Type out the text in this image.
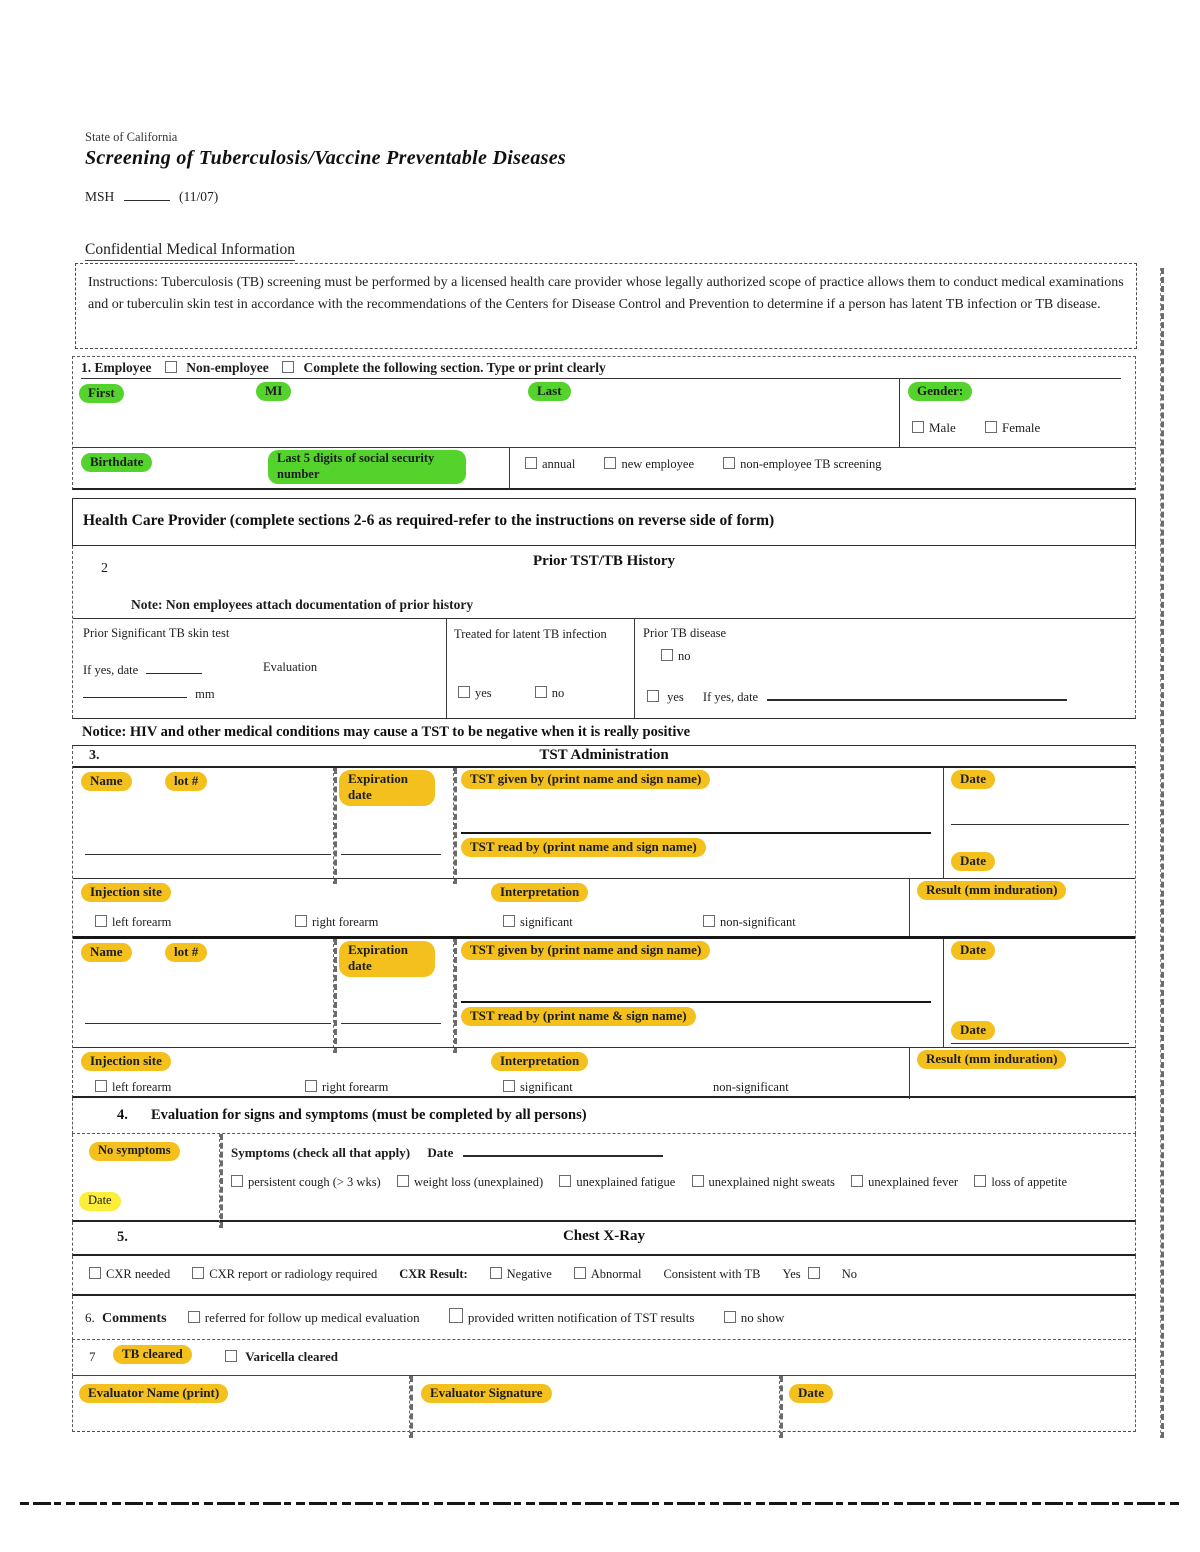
State of California
Screening of Tuberculosis/Vaccine Preventable Diseases
MSH	(11/07)
Confidential Medical Information
Instructions: Tuberculosis (TB) screening must be performed by a licensed health care provider whose legally authorized scope of practice allows them to conduct medical examinations and or tuberculin skin test in accordance with the recommendations of the Centers for Disease Control and Prevention to determine if a person has latent TB infection or TB disease.
1. Employee	Non-employee	Complete the following section. Type or print clearly
First	MI	Last	Gender:
Male	Female
Birthdate	Last 5 digits of social security number
annual	new employee	non-employee TB screening
Health Care Provider (complete sections 2-6 as required-refer to the instructions on reverse side of form)
2	Prior TST/TB History
Note: Non employees attach documentation of prior history
Prior Significant TB skin test
If yes, date	Evaluation
mm
Treated for latent TB infection
yes	no
Prior TB disease
no
yes If yes, date
Notice: HIV and other medical conditions may cause a TST to be negative when it is really positive
3.	TST Administration
Name	lot #	Expiration date
TST given by (print name and sign name)	Date
TST read by (print name and sign name)
Date
Injection site	Interpretation	Result (mm induration)
left forearm	right forearm	significant	non-significant
Name	lot #	Expiration date
TST given by (print name and sign name)	Date
TST read by (print name & sign name)
Date
Injection site	Interpretation	Result (mm induration)
left forearm	right forearm	significant	non-significant
4. Evaluation for signs and symptoms (must be completed by all persons)
No symptoms
Date
Symptoms (check all that apply) Date
persistent cough (> 3 wks)	weight loss (unexplained)	unexplained fatigue	unexplained night sweats	unexplained fever	loss of appetite
5.	Chest X-Ray
CXR needed	CXR report or radiology required CXR Result:	Negative	Abnormal Consistent with TB Yes	No
6. Comments	referred for follow up medical evaluation	provided written notification of TST results	no show
7	TB cleared	Varicella cleared
Evaluator Name (print)	Evaluator Signature	Date
